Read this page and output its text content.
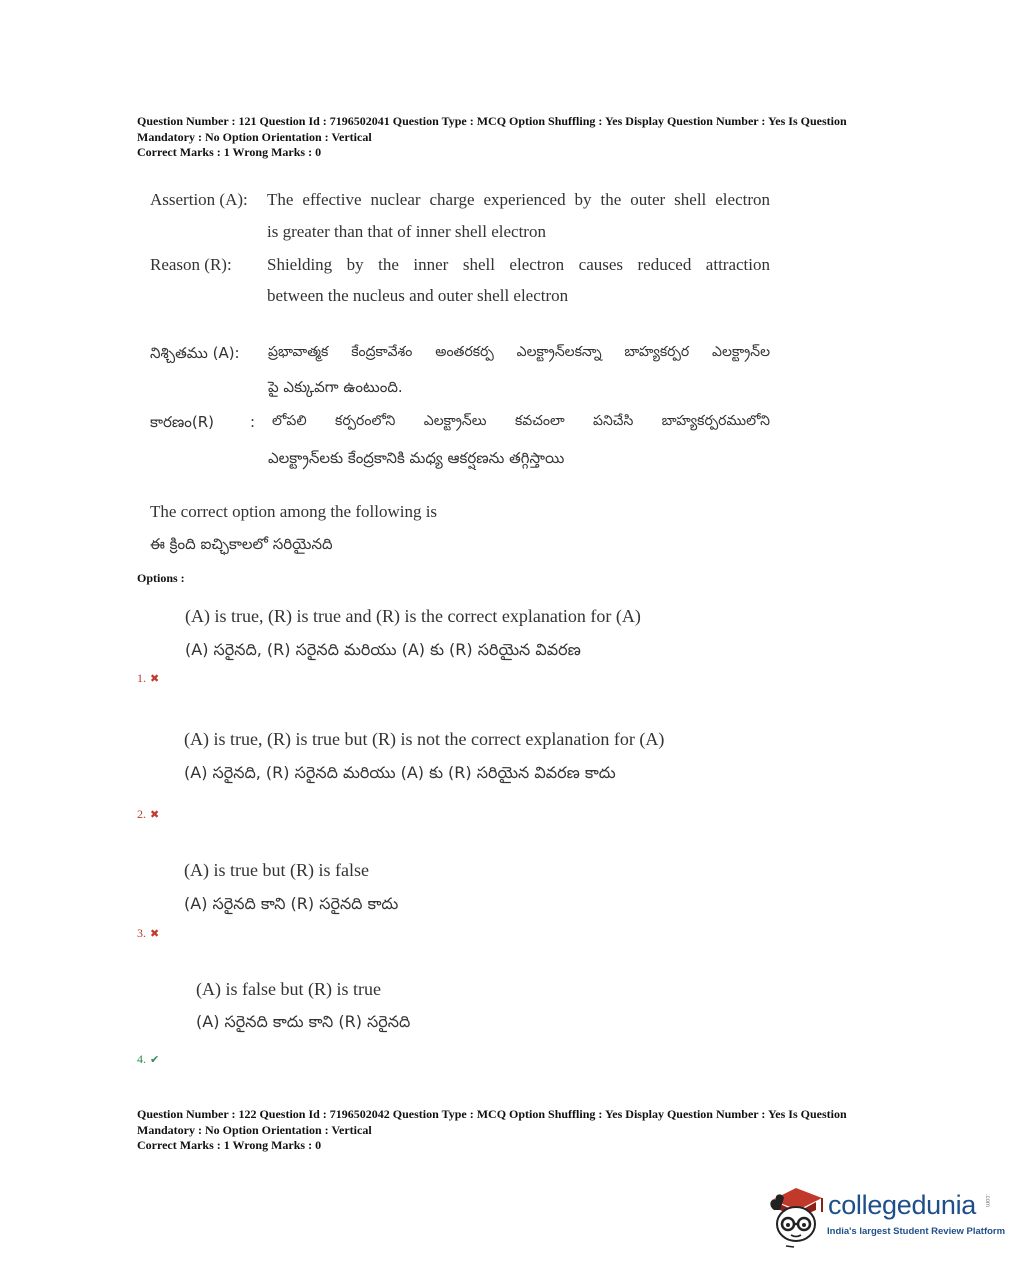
Question Number : 121 Question Id : 7196502041 Question Type : MCQ Option Shuffling : Yes Display Question Number : Yes Is Question
Mandatory : No Option Orientation : Vertical
Correct Marks : 1 Wrong Marks : 0
Assertion (A): The effective nuclear charge experienced by the outer shell electron
is greater than that of inner shell electron
Reason (R): Shielding by the inner shell electron causes reduced attraction
between the nucleus and outer shell electron
నిశ్చితము (A): ప్రభావాత్మక కేంద్రకావేశం అంతరకర్ప ఎలక్ట్రాన్‌లకన్నా బాహ్యకర్పర ఎలక్ట్రాన్‌ల
పై ఎక్కువగా ఉంటుంది.
కారణం(R) : లోపలి కర్పరంలోని ఎలక్ట్రాన్‌లు కవచంలా పనిచేసి బాహ్యకర్పరములోని
ఎలక్ట్రాన్‌లకు కేంద్రకానికి మధ్య ఆకర్షణను తగ్గిస్తాయి
The correct option among the following is
ఈ క్రింది ఐచ్ఛికాలలో సరియైనది
Options :
(A) is true, (R) is true and (R) is the correct explanation for (A)
(A) సరైనది, (R) సరైనది మరియు (A) కు (R) సరియైన వివరణ
1. ✖
(A) is true, (R) is true but (R) is not the correct explanation for (A)
(A) సరైనది, (R) సరైనది మరియు (A) కు (R) సరియైన వివరణ కాదు
2. ✖
(A) is true but (R) is false
(A) సరైనది కాని (R) సరైనది కాదు
3. ✖
(A) is false but (R) is true
(A) సరైనది కాదు కాని (R) సరైనది
4. ✔
Question Number : 122 Question Id : 7196502042 Question Type : MCQ Option Shuffling : Yes Display Question Number : Yes Is Question
Mandatory : No Option Orientation : Vertical
Correct Marks : 1 Wrong Marks : 0
collegedunia .com
India's largest Student Review Platform
